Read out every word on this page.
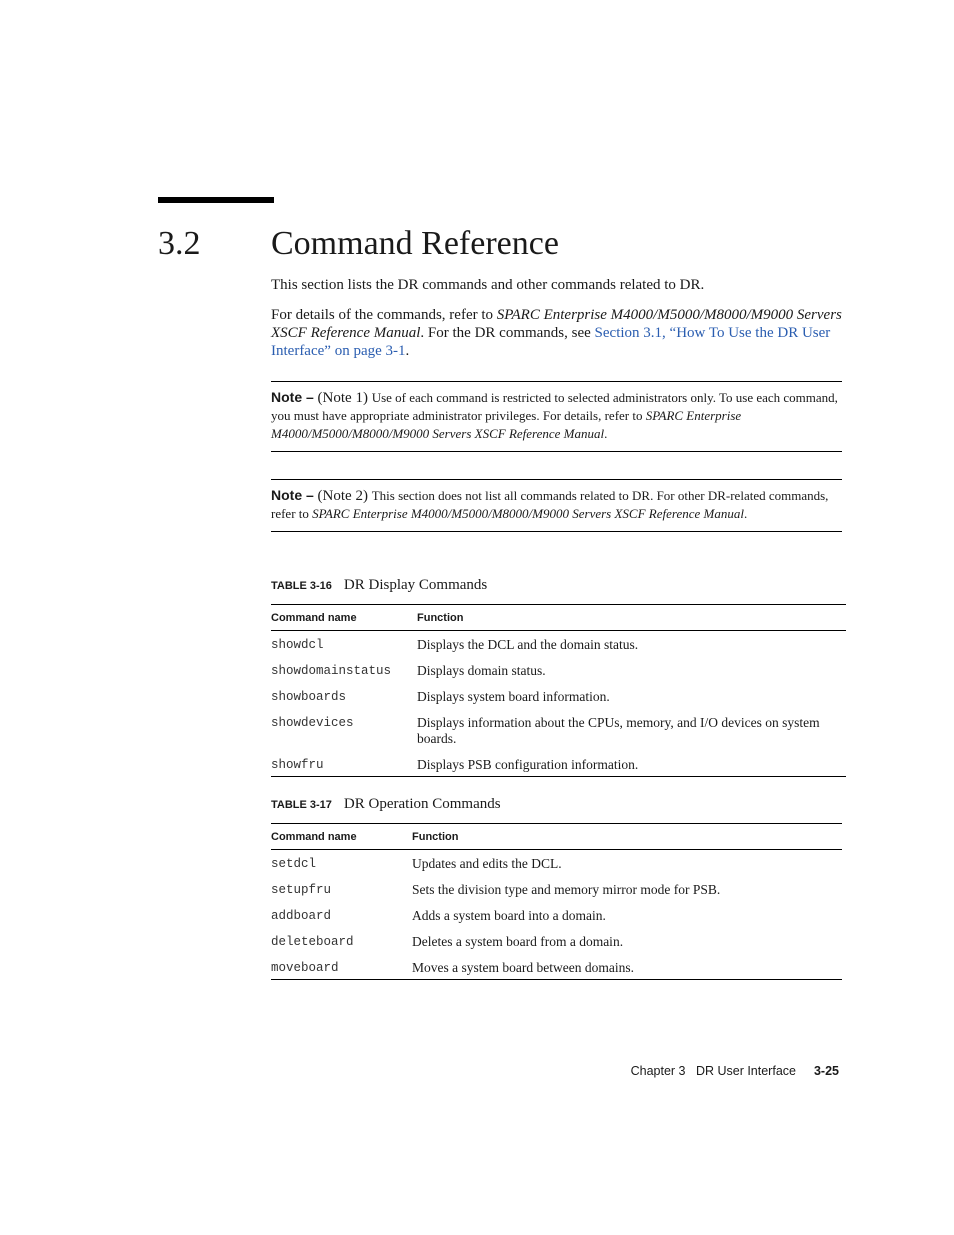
3.2 Command Reference

This section lists the DR commands and other commands related to DR.

For details of the commands, refer to SPARC Enterprise M4000/M5000/M8000/M9000 Servers XSCF Reference Manual. For the DR commands, see Section 3.1, “How To Use the DR User Interface” on page 3-1.

Note – (Note 1) Use of each command is restricted to selected administrators only. To use each command, you must have appropriate administrator privileges. For details, refer to SPARC Enterprise M4000/M5000/M8000/M9000 Servers XSCF Reference Manual.
Note – (Note 2) This section does not list all commands related to DR. For other DR-related commands, refer to SPARC Enterprise M4000/M5000/M8000/M9000 Servers XSCF Reference Manual.
TABLE 3-16 DR Display Commands
Command name	Function
showdcl	Displays the DCL and the domain status.
showdomainstatus	Displays domain status.
showboards	Displays system board information.
showdevices	Displays information about the CPUs, memory, and I/O devices on system boards.
showfru	Displays PSB configuration information.
TABLE 3-17 DR Operation Commands
Command name	Function
setdcl	Updates and edits the DCL.
setupfru	Sets the division type and memory mirror mode for PSB.
addboard	Adds a system board into a domain.
deleteboard	Deletes a system board from a domain.
moveboard	Moves a system board between domains.
Chapter 3 DR User Interface 3-25
